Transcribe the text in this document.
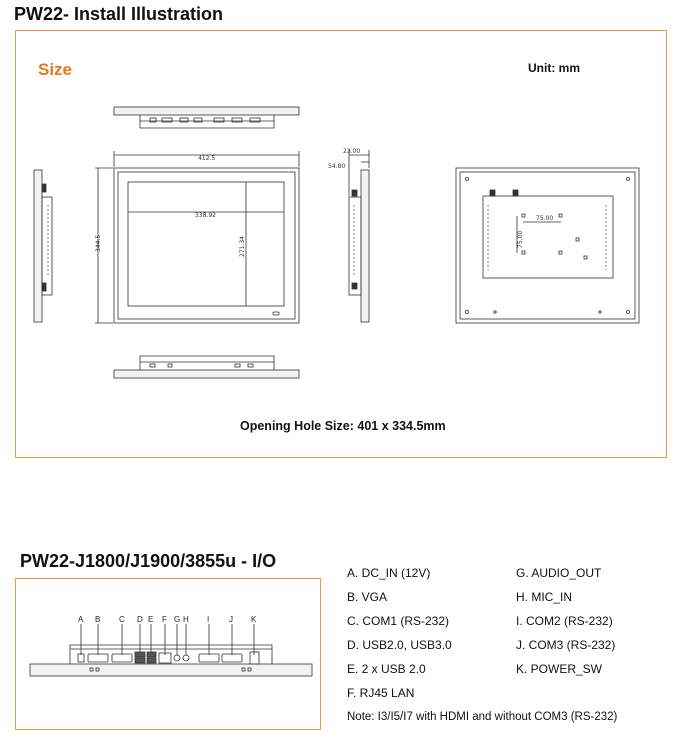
PW22- Install Illustration
Size	Unit: mm
412.5
344.5
338.92
271.34
23.00
54.80
75.00
75.00
A B C D E F G H I J K
Opening Hole Size: 401 x 334.5mm
PW22-J1800/J1900/3855u - I/O
A. DC_IN (12V)
B. VGA
C. COM1 (RS-232)
D. USB2.0, USB3.0
E. 2 x USB 2.0
F. RJ45 LAN
G. AUDIO_OUT
H. MIC_IN
I. COM2 (RS-232)
J. COM3 (RS-232)
K. POWER_SW
Note: I3/I5/I7 with HDMI and without COM3 (RS-232)
